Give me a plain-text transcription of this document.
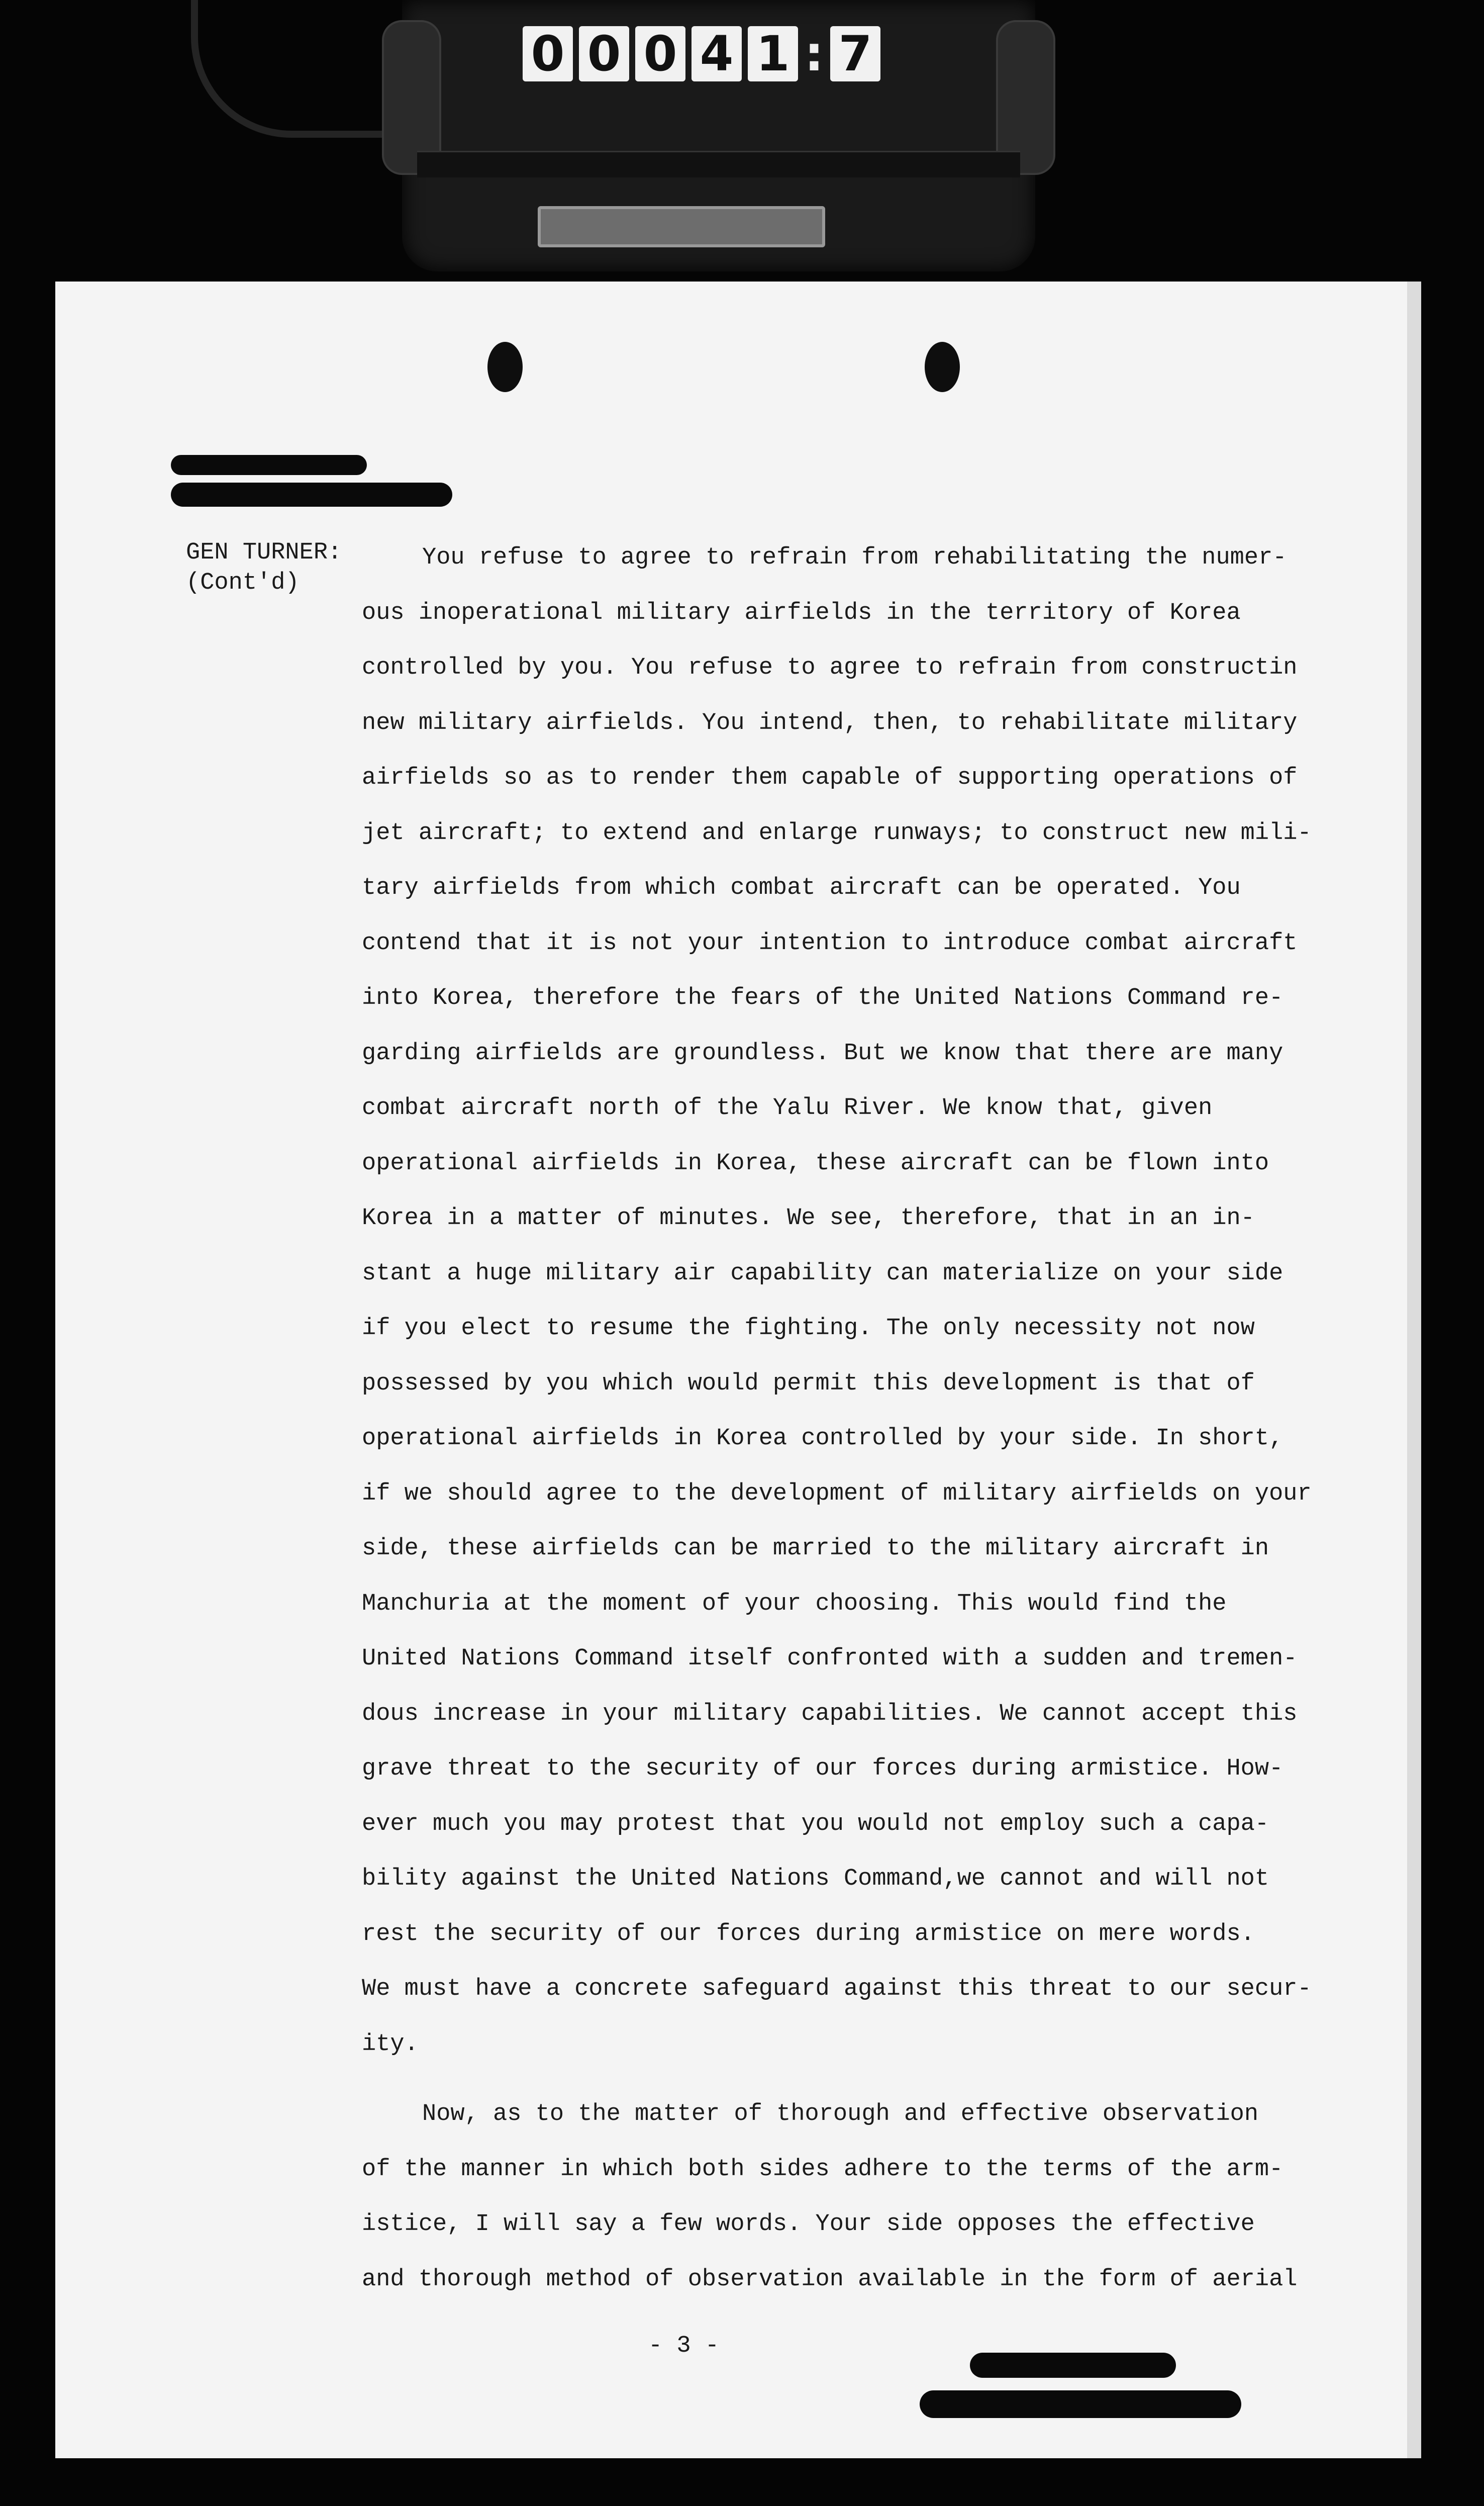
0 0 0 4 1 : 7
GEN TURNER:
(Cont'd)
You refuse to agree to refrain from rehabilitating the numer-
ous inoperational military airfields in the territory of Korea
controlled by you. You refuse to agree to refrain from constructin
new military airfields. You intend, then, to rehabilitate military
airfields so as to render them capable of supporting operations of
jet aircraft; to extend and enlarge runways; to construct new mili-
tary airfields from which combat aircraft can be operated. You
contend that it is not your intention to introduce combat aircraft
into Korea, therefore the fears of the United Nations Command re-
garding airfields are groundless. But we know that there are many
combat aircraft north of the Yalu River. We know that, given
operational airfields in Korea, these aircraft can be flown into
Korea in a matter of minutes. We see, therefore, that in an in-
stant a huge military air capability can materialize on your side
if you elect to resume the fighting. The only necessity not now
possessed by you which would permit this development is that of
operational airfields in Korea controlled by your side. In short,
if we should agree to the development of military airfields on your
side, these airfields can be married to the military aircraft in
Manchuria at the moment of your choosing. This would find the
United Nations Command itself confronted with a sudden and tremen-
dous increase in your military capabilities. We cannot accept this
grave threat to the security of our forces during armistice. How-
ever much you may protest that you would not employ such a capa-
bility against the United Nations Command,we cannot and will not
rest the security of our forces during armistice on mere words.
We must have a concrete safeguard against this threat to our secur-
ity.
Now, as to the matter of thorough and effective observation
of the manner in which both sides adhere to the terms of the arm-
istice, I will say a few words. Your side opposes the effective
and thorough method of observation available in the form of aerial
- 3 -
